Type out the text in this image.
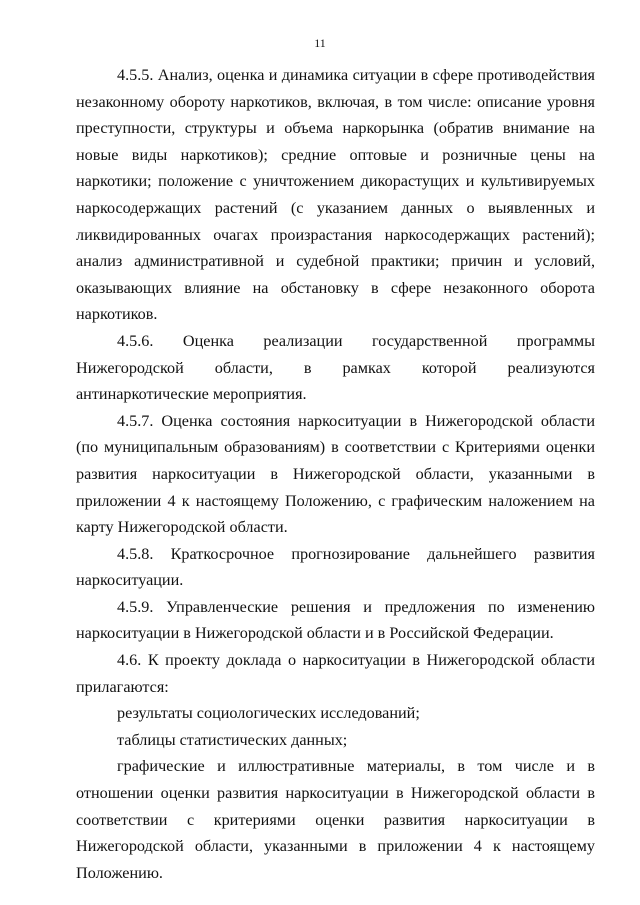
11

4.5.5. Анализ, оценка и динамика ситуации в сфере противодействия незаконному обороту наркотиков, включая, в том числе: описание уровня преступности, структуры и объема наркорынка (обратив внимание на новые виды наркотиков); средние оптовые и розничные цены на наркотики; положение с уничтожением дикорастущих и культивируемых наркосодержащих растений (с указанием данных о выявленных и ликвидированных очагах произрастания наркосодержащих растений); анализ административной и судебной практики; причин и условий, оказывающих влияние на обстановку в сфере незаконного оборота наркотиков.

4.5.6. Оценка реализации государственной программы Нижегородской области, в рамках которой реализуются антинаркотические мероприятия.

4.5.7. Оценка состояния наркоситуации в Нижегородской области (по муниципальным образованиям) в соответствии с Критериями оценки развития наркоситуации в Нижегородской области, указанными в приложении 4 к настоящему Положению, с графическим наложением на карту Нижегородской области.

4.5.8. Краткосрочное прогнозирование дальнейшего развития наркоситуации.

4.5.9. Управленческие решения и предложения по изменению наркоситуации в Нижегородской области и в Российской Федерации.

4.6. К проекту доклада о наркоситуации в Нижегородской области прилагаются:

результаты социологических исследований;

таблицы статистических данных;

графические и иллюстративные материалы, в том числе и в отношении оценки развития наркоситуации в Нижегородской области в соответствии с критериями оценки развития наркоситуации в Нижегородской области, указанными в приложении 4 к настоящему Положению.
